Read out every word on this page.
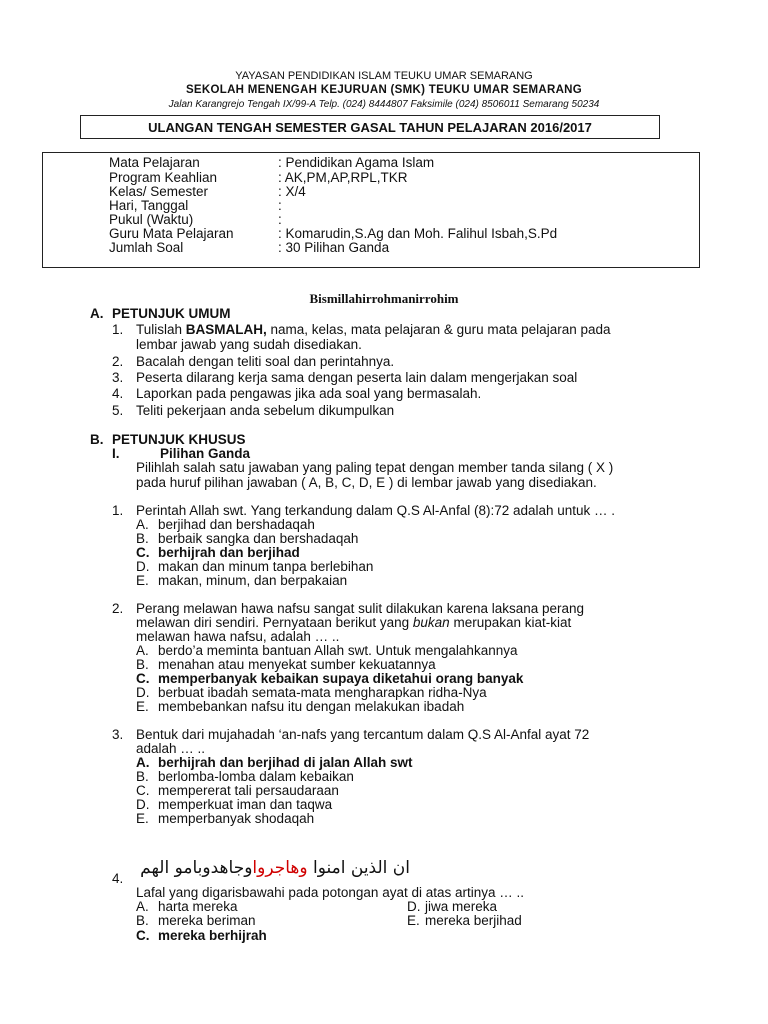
YAYASAN PENDIDIKAN ISLAM TEUKU UMAR SEMARANG
SEKOLAH MENENGAH KEJURUAN (SMK) TEUKU UMAR SEMARANG
Jalan Karangrejo Tengah IX/99-A Telp. (024) 8444807 Faksimile (024) 8506011 Semarang 50234
ULANGAN TENGAH SEMESTER GASAL TAHUN PELAJARAN 2016/2017
Mata Pelajaran	: Pendidikan Agama Islam
Program Keahlian	: AK,PM,AP,RPL,TKR
Kelas/ Semester	: X/4
Hari, Tanggal	:
Pukul (Waktu)	:
Guru Mata Pelajaran	: Komarudin,S.Ag dan Moh. Falihul Isbah,S.Pd
Jumlah Soal	: 30 Pilihan Ganda
Bismillahirrohmanirrohim
A. PETUNJUK UMUM
1. Tulislah BASMALAH, nama, kelas, mata pelajaran & guru mata pelajaran pada
lembar jawab yang sudah disediakan.
2. Bacalah dengan teliti soal dan perintahnya.
3. Peserta dilarang kerja sama dengan peserta lain dalam mengerjakan soal
4. Laporkan pada pengawas jika ada soal yang bermasalah.
5. Teliti pekerjaan anda sebelum dikumpulkan
B. PETUNJUK KHUSUS
I.	Pilihan Ganda
Pilihlah salah satu jawaban yang paling tepat dengan member tanda silang ( X )
pada huruf pilihan jawaban ( A, B, C, D, E ) di lembar jawab yang disediakan.
1. Perintah Allah swt. Yang terkandung dalam Q.S Al-Anfal (8):72 adalah untuk … .
A. berjihad dan bershadaqah
B. berbaik sangka dan bershadaqah
C. berhijrah dan berjihad
D. makan dan minum tanpa berlebihan
E. makan, minum, dan berpakaian
2. Perang melawan hawa nafsu sangat sulit dilakukan karena laksana perang
melawan diri sendiri. Pernyataan berikut yang bukan merupakan kiat-kiat
melawan hawa nafsu, adalah … ..
A. berdo’a meminta bantuan Allah swt. Untuk mengalahkannya
B. menahan atau menyekat sumber kekuatannya
C. memperbanyak kebaikan supaya diketahui orang banyak
D. berbuat ibadah semata-mata mengharapkan ridha-Nya
E. membebankan nafsu itu dengan melakukan ibadah
3. Bentuk dari mujahadah ‘an-nafs yang tercantum dalam Q.S Al-Anfal ayat 72
adalah … ..
A. berhijrah dan berjihad di jalan Allah swt
B. berlomba-lomba dalam kebaikan
C. mempererat tali persaudaraan
D. memperkuat iman dan taqwa
E. memperbanyak shodaqah
4.
ان الذين امنوا وهاجرواوجاهدوبامو الهم
Lafal yang digarisbawahi pada potongan ayat di atas artinya … ..
A. harta mereka	D. jiwa mereka
B. mereka beriman	E. mereka berjihad
C. mereka berhijrah
